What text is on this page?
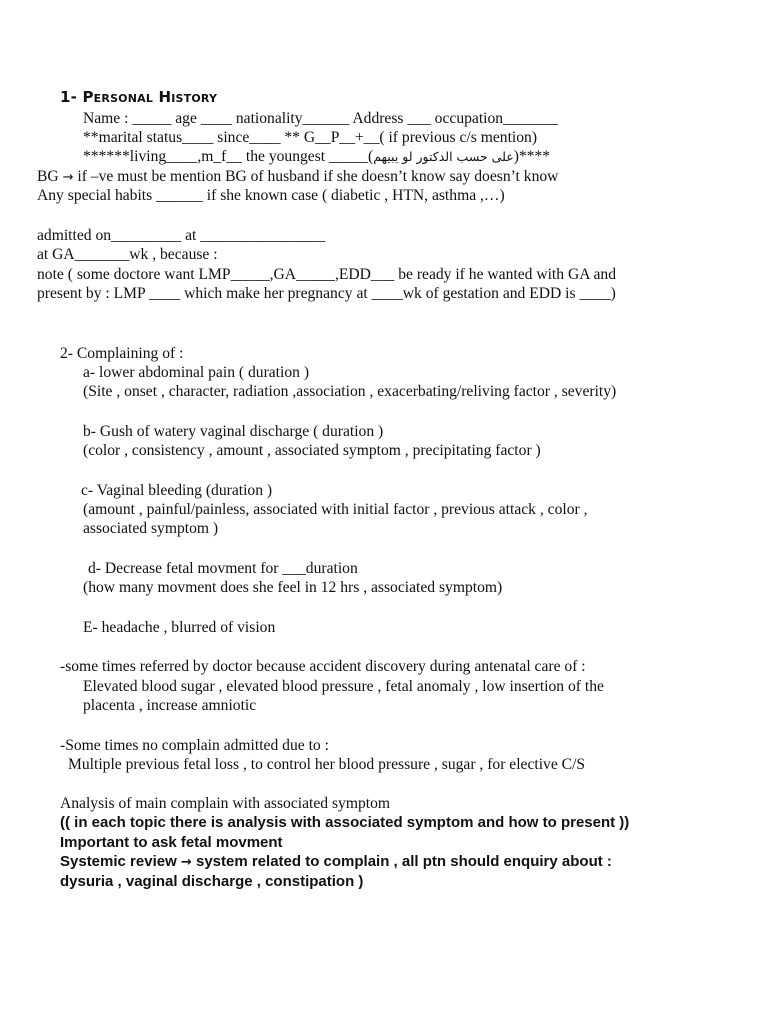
1- Personal History
Name : _____ age ____ nationality______ Address ___ occupation_______
**marital status____ since____ ** G__P__+__( if previous c/s mention)
******living____,m_f__ the youngest _____(على حسب الدكتور لو يبيهم)****
BG → if –ve must be mention BG of husband if she doesn’t know say doesn’t know
Any special habits ______ if she known case ( diabetic , HTN, asthma ,…)
admitted on_________ at ________________
at GA_______wk , because :
note ( some doctore want LMP_____,GA_____,EDD___ be ready if he wanted with GA and
present by : LMP ____ which make her pregnancy at ____wk of gestation and EDD is ____)
2- Complaining of :
a- lower abdominal pain ( duration )
(Site , onset , character, radiation ,association , exacerbating/reliving factor , severity)
b- Gush of watery vaginal discharge ( duration )
(color , consistency , amount , associated symptom , precipitating factor )
c- Vaginal bleeding (duration )
(amount , painful/painless, associated with initial factor , previous attack , color ,
associated symptom )
d- Decrease fetal movment for ___duration
(how many movment does she feel in 12 hrs , associated symptom)
E- headache , blurred of vision
-some times referred by doctor because accident discovery during antenatal care of :
Elevated blood sugar , elevated blood pressure , fetal anomaly , low insertion of the
placenta , increase amniotic
-Some times no complain admitted due to :
Multiple previous fetal loss , to control her blood pressure , sugar , for elective C/S
Analysis of main complain with associated symptom
(( in each topic there is analysis with associated symptom and how to present ))
Important to ask fetal movment
Systemic review → system related to complain , all ptn should enquiry about :
dysuria , vaginal discharge , constipation )
